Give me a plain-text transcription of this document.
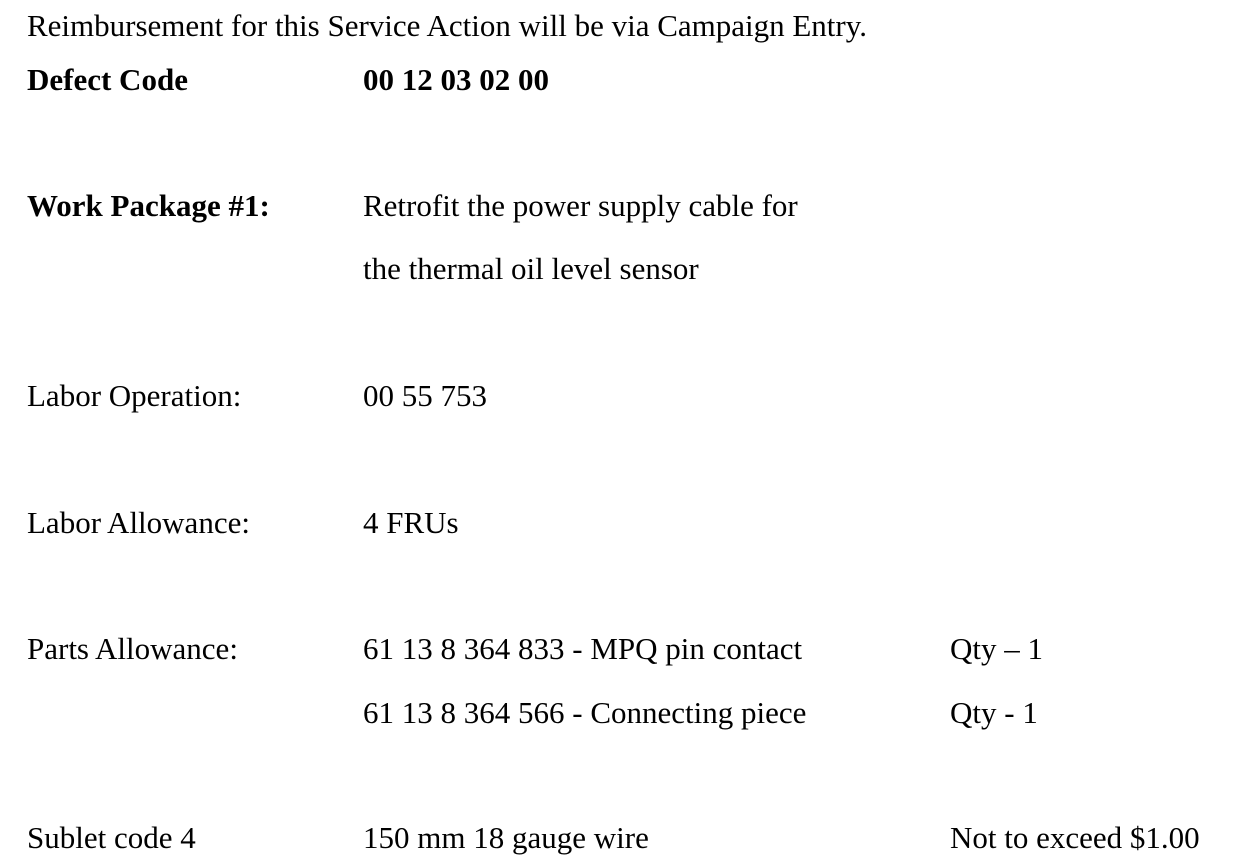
Reimbursement for this Service Action will be via Campaign Entry.
Defect Code	00 12 03 02 00
Work Package #1:	Retrofit the power supply cable for
the thermal oil level sensor
Labor Operation:	00 55 753
Labor Allowance:	4 FRUs
Parts Allowance:	61 13 8 364 833 - MPQ pin contact	Qty – 1
61 13 8 364 566 - Connecting piece	Qty - 1
Sublet code 4	150 mm 18 gauge wire	Not to exceed $1.00
